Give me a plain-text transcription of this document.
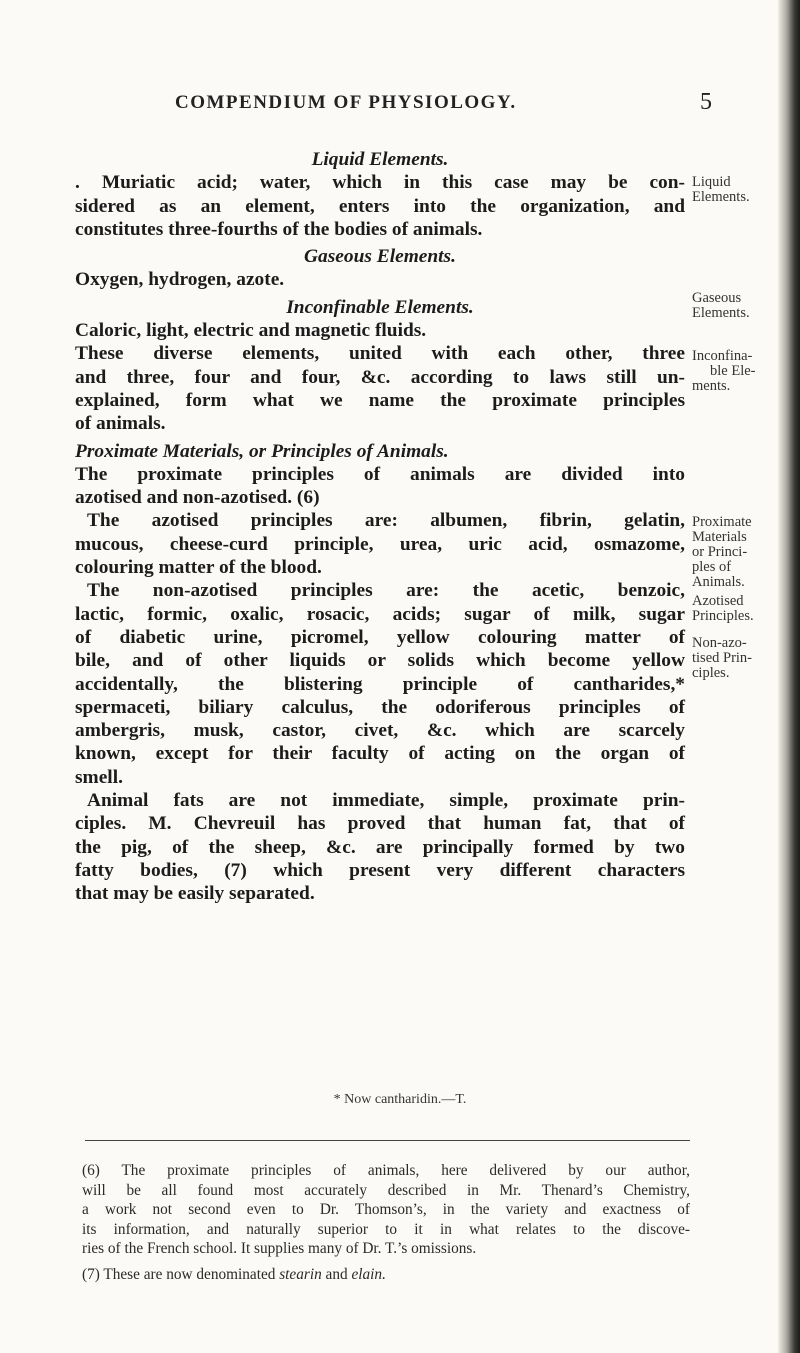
COMPENDIUM OF PHYSIOLOGY.	5
Liquid Elements.
. Muriatic acid; water, which in this case may be con-
sidered as an element, enters into the organization, and
constitutes three-fourths of the bodies of animals.
Gaseous Elements.
Oxygen, hydrogen, azote.
Inconfinable Elements.
Caloric, light, electric and magnetic fluids.
These diverse elements, united with each other, three
and three, four and four, &c. according to laws still un-
explained, form what we name the proximate principles
of animals.
Proximate Materials, or Principles of Animals.
The proximate principles of animals are divided into
azotised and non-azotised. (6)
The azotised principles are: albumen, fibrin, gelatin,
mucous, cheese-curd principle, urea, uric acid, osmazome,
colouring matter of the blood.
The non-azotised principles are: the acetic, benzoic,
lactic, formic, oxalic, rosacic, acids; sugar of milk, sugar
of diabetic urine, picromel, yellow colouring matter of
bile, and of other liquids or solids which become yellow
accidentally, the blistering principle of cantharides,*
spermaceti, biliary calculus, the odoriferous principles of
ambergris, musk, castor, civet, &c. which are scarcely
known, except for their faculty of acting on the organ of
smell.
Animal fats are not immediate, simple, proximate prin-
ciples. M. Chevreuil has proved that human fat, that of
the pig, of the sheep, &c. are principally formed by two
fatty bodies, (7) which present very different characters
that may be easily separated.
Liquid
Elements.
Gaseous
Elements.
Inconfina-
ble Ele-
ments.
Proximate
Materials
or Princi-
ples of
Animals.
Azotised
Principles.
Non-azo-
tised Prin-
ciples.
* Now cantharidin.—T.
(6) The proximate principles of animals, here delivered by our author,
will be all found most accurately described in Mr. Thenard’s Chemistry,
a work not second even to Dr. Thomson’s, in the variety and exactness of
its information, and naturally superior to it in what relates to the discove-
ries of the French school. It supplies many of Dr. T.’s omissions.
(7) These are now denominated stearin and elain.
